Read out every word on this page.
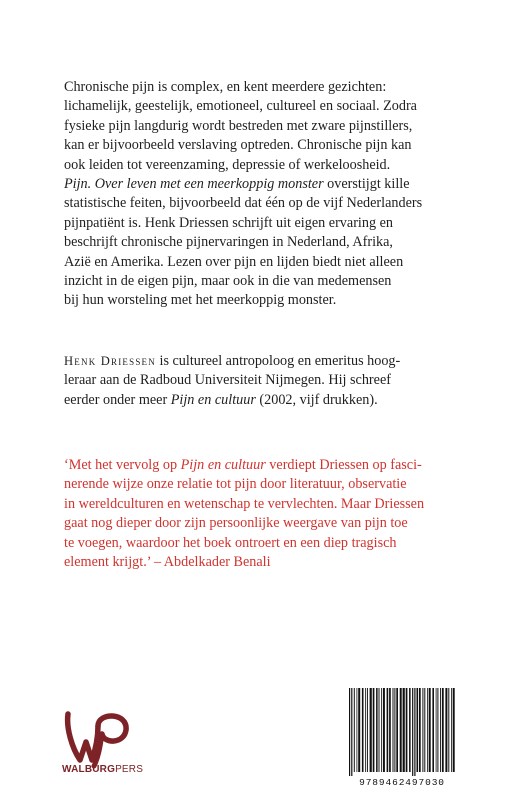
Chronische pijn is complex, en kent meerdere gezichten:
lichamelijk, geestelijk, emotioneel, cultureel en sociaal. Zodra
fysieke pijn langdurig wordt bestreden met zware pijnstillers,
kan er bijvoorbeeld verslaving optreden. Chronische pijn kan
ook leiden tot vereenzaming, depressie of werkeloosheid.
Pijn. Over leven met een meerkoppig monster overstijgt kille
statistische feiten, bijvoorbeeld dat één op de vijf Nederlanders
pijnpatiënt is. Henk Driessen schrijft uit eigen ervaring en
beschrijft chronische pijnervaringen in Nederland, Afrika,
Azië en Amerika. Lezen over pijn en lijden biedt niet alleen
inzicht in de eigen pijn, maar ook in die van medemensen
bij hun worsteling met het meerkoppig monster.
Henk Driessen is cultureel antropoloog en emeritus hoog-
leraar aan de Radboud Universiteit Nijmegen. Hij schreef
eerder onder meer Pijn en cultuur (2002, vijf drukken).
‘Met het vervolg op Pijn en cultuur verdiept Driessen op fasci-
nerende wijze onze relatie tot pijn door literatuur, observatie
in wereldculturen en wetenschap te vervlechten. Maar Driessen
gaat nog dieper door zijn persoonlijke weergave van pijn toe
te voegen, waardoor het boek ontroert en een diep tragisch
element krijgt.’ – Abdelkader Benali
WALBURGPERS
9789462497030
